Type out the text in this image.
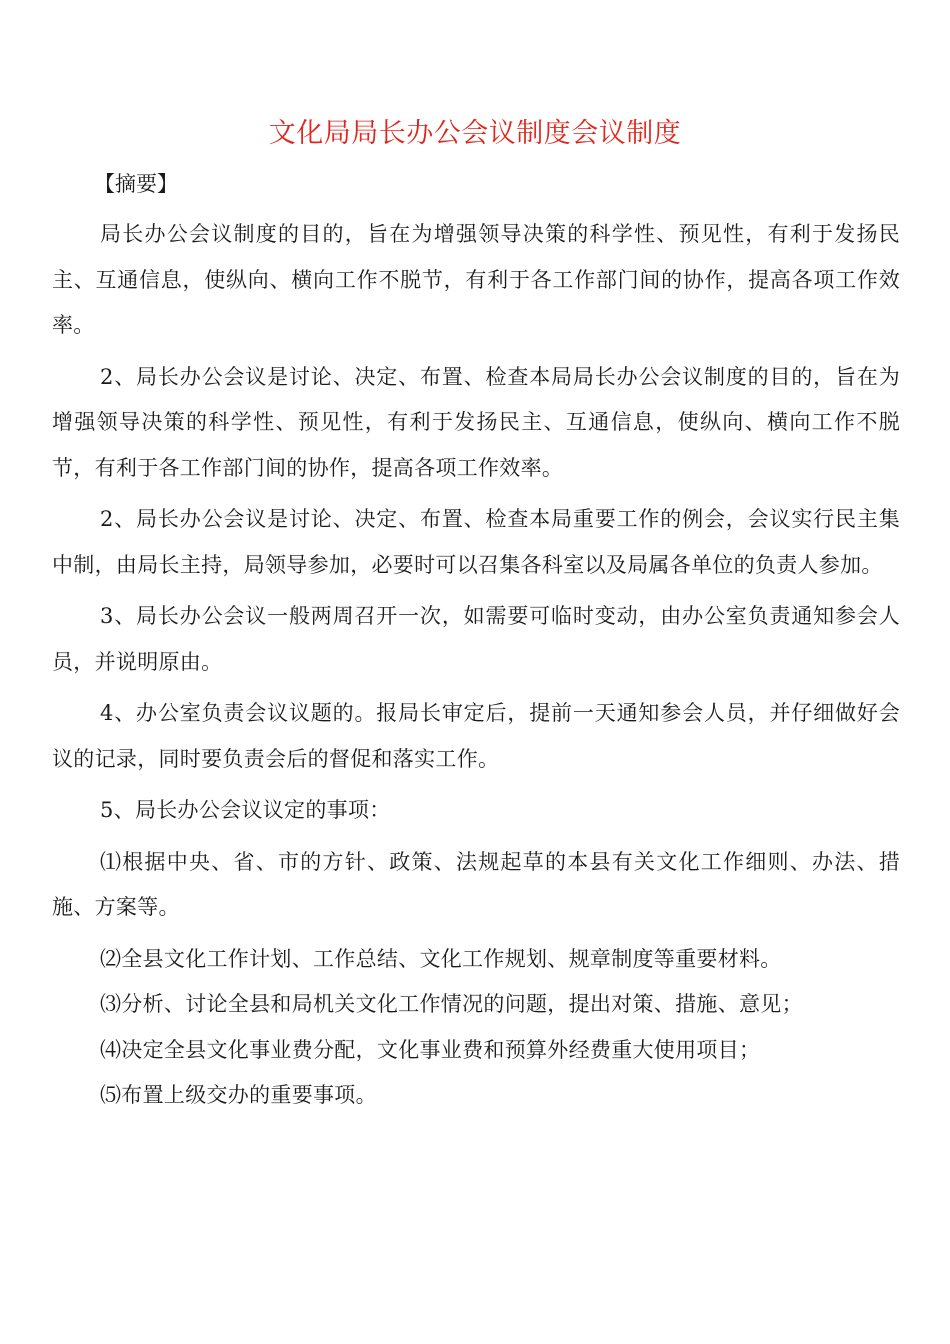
文化局局长办公会议制度会议制度

【摘要】

局长办公会议制度的目的，旨在为增强领导决策的科学性、预见性，有利于发扬民主、互通信息，使纵向、横向工作不脱节，有利于各工作部门间的协作，提高各项工作效率。

2、局长办公会议是讨论、决定、布置、检查本局局长办公会议制度的目的，旨在为增强领导决策的科学性、预见性，有利于发扬民主、互通信息，使纵向、横向工作不脱节，有利于各工作部门间的协作，提高各项工作效率。

2、局长办公会议是讨论、决定、布置、检查本局重要工作的例会，会议实行民主集中制，由局长主持，局领导参加，必要时可以召集各科室以及局属各单位的负责人参加。

3、局长办公会议一般两周召开一次，如需要可临时变动，由办公室负责通知参会人员，并说明原由。

4、办公室负责会议议题的。报局长审定后，提前一天通知参会人员，并仔细做好会议的记录，同时要负责会后的督促和落实工作。

5、局长办公会议议定的事项：

⑴根据中央、省、市的方针、政策、法规起草的本县有关文化工作细则、办法、措施、方案等。

⑵全县文化工作计划、工作总结、文化工作规划、规章制度等重要材料。

⑶分析、讨论全县和局机关文化工作情况的问题，提出对策、措施、意见；

⑷决定全县文化事业费分配，文化事业费和预算外经费重大使用项目；

⑸布置上级交办的重要事项。
